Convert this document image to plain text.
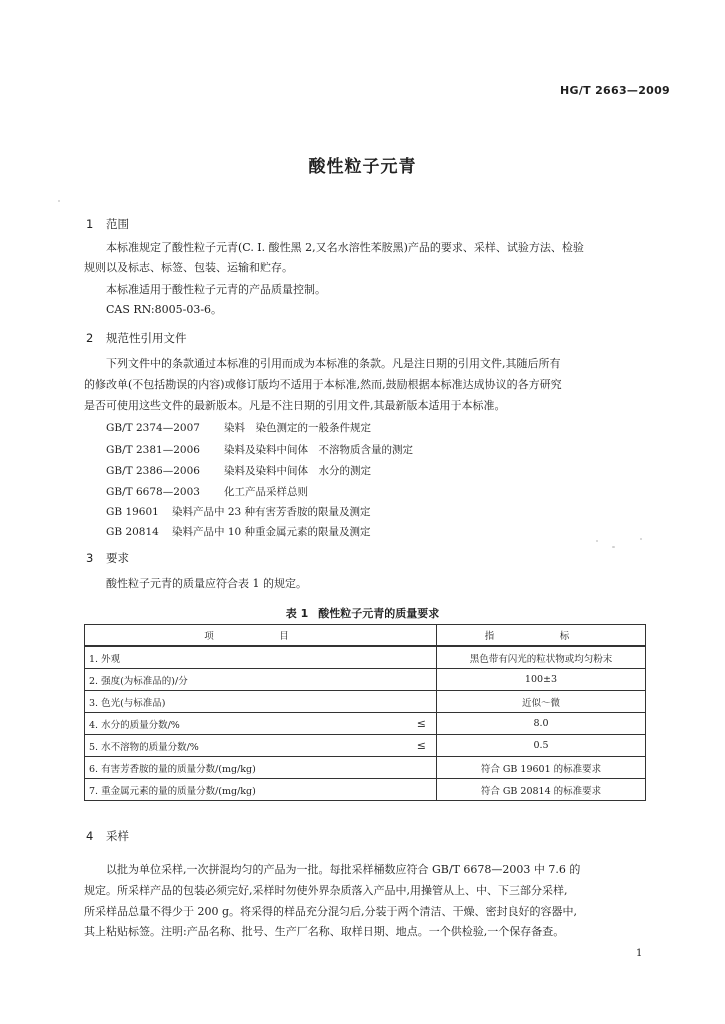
HG/T 2663—2009
酸性粒子元青
1 范围
本标准规定了酸性粒子元青(C. I. 酸性黑 2,又名水溶性苯胺黑)产品的要求、采样、试验方法、检验
规则以及标志、标签、包装、运输和贮存。
本标准适用于酸性粒子元青的产品质量控制。
CAS RN:8005-03-6。
2 规范性引用文件
下列文件中的条款通过本标准的引用而成为本标准的条款。凡是注日期的引用文件,其随后所有
的修改单(不包括勘误的内容)或修订版均不适用于本标准,然而,鼓励根据本标准达成协议的各方研究
是否可使用这些文件的最新版本。凡是不注日期的引用文件,其最新版本适用于本标准。
GB/T 2374—2007 染料　染色测定的一般条件规定
GB/T 2381—2006 染料及染料中间体　不溶物质含量的测定
GB/T 2386—2006 染料及染料中间体　水分的测定
GB/T 6678—2003 化工产品采样总则
GB 19601 染料产品中 23 种有害芳香胺的限量及测定
GB 20814 染料产品中 10 种重金属元素的限量及测定
3 要求
酸性粒子元青的质量应符合表 1 的规定。
表 1 酸性粒子元青的质量要求
项　目	指　标
1. 外观	黑色带有闪光的粒状物或均匀粉末
2. 强度(为标准品的)/分	100±3
3. 色光(与标准品)	近似～微
4. 水分的质量分数/% ≤	8.0
5. 水不溶物的质量分数/% ≤	0.5
6. 有害芳香胺的量的质量分数/(mg/kg)	符合 GB 19601 的标准要求
7. 重金属元素的量的质量分数/(mg/kg)	符合 GB 20814 的标准要求
4 采样
以批为单位采样,一次拼混均匀的产品为一批。每批采样桶数应符合 GB/T 6678—2003 中 7.6 的
规定。所采样产品的包装必须完好,采样时勿使外界杂质落入产品中,用操管从上、中、下三部分采样,
所采样品总量不得少于 200 g。将采得的样品充分混匀后,分装于两个清洁、干燥、密封良好的容器中,
其上粘贴标签。注明:产品名称、批号、生产厂名称、取样日期、地点。一个供检验,一个保存备查。
1
